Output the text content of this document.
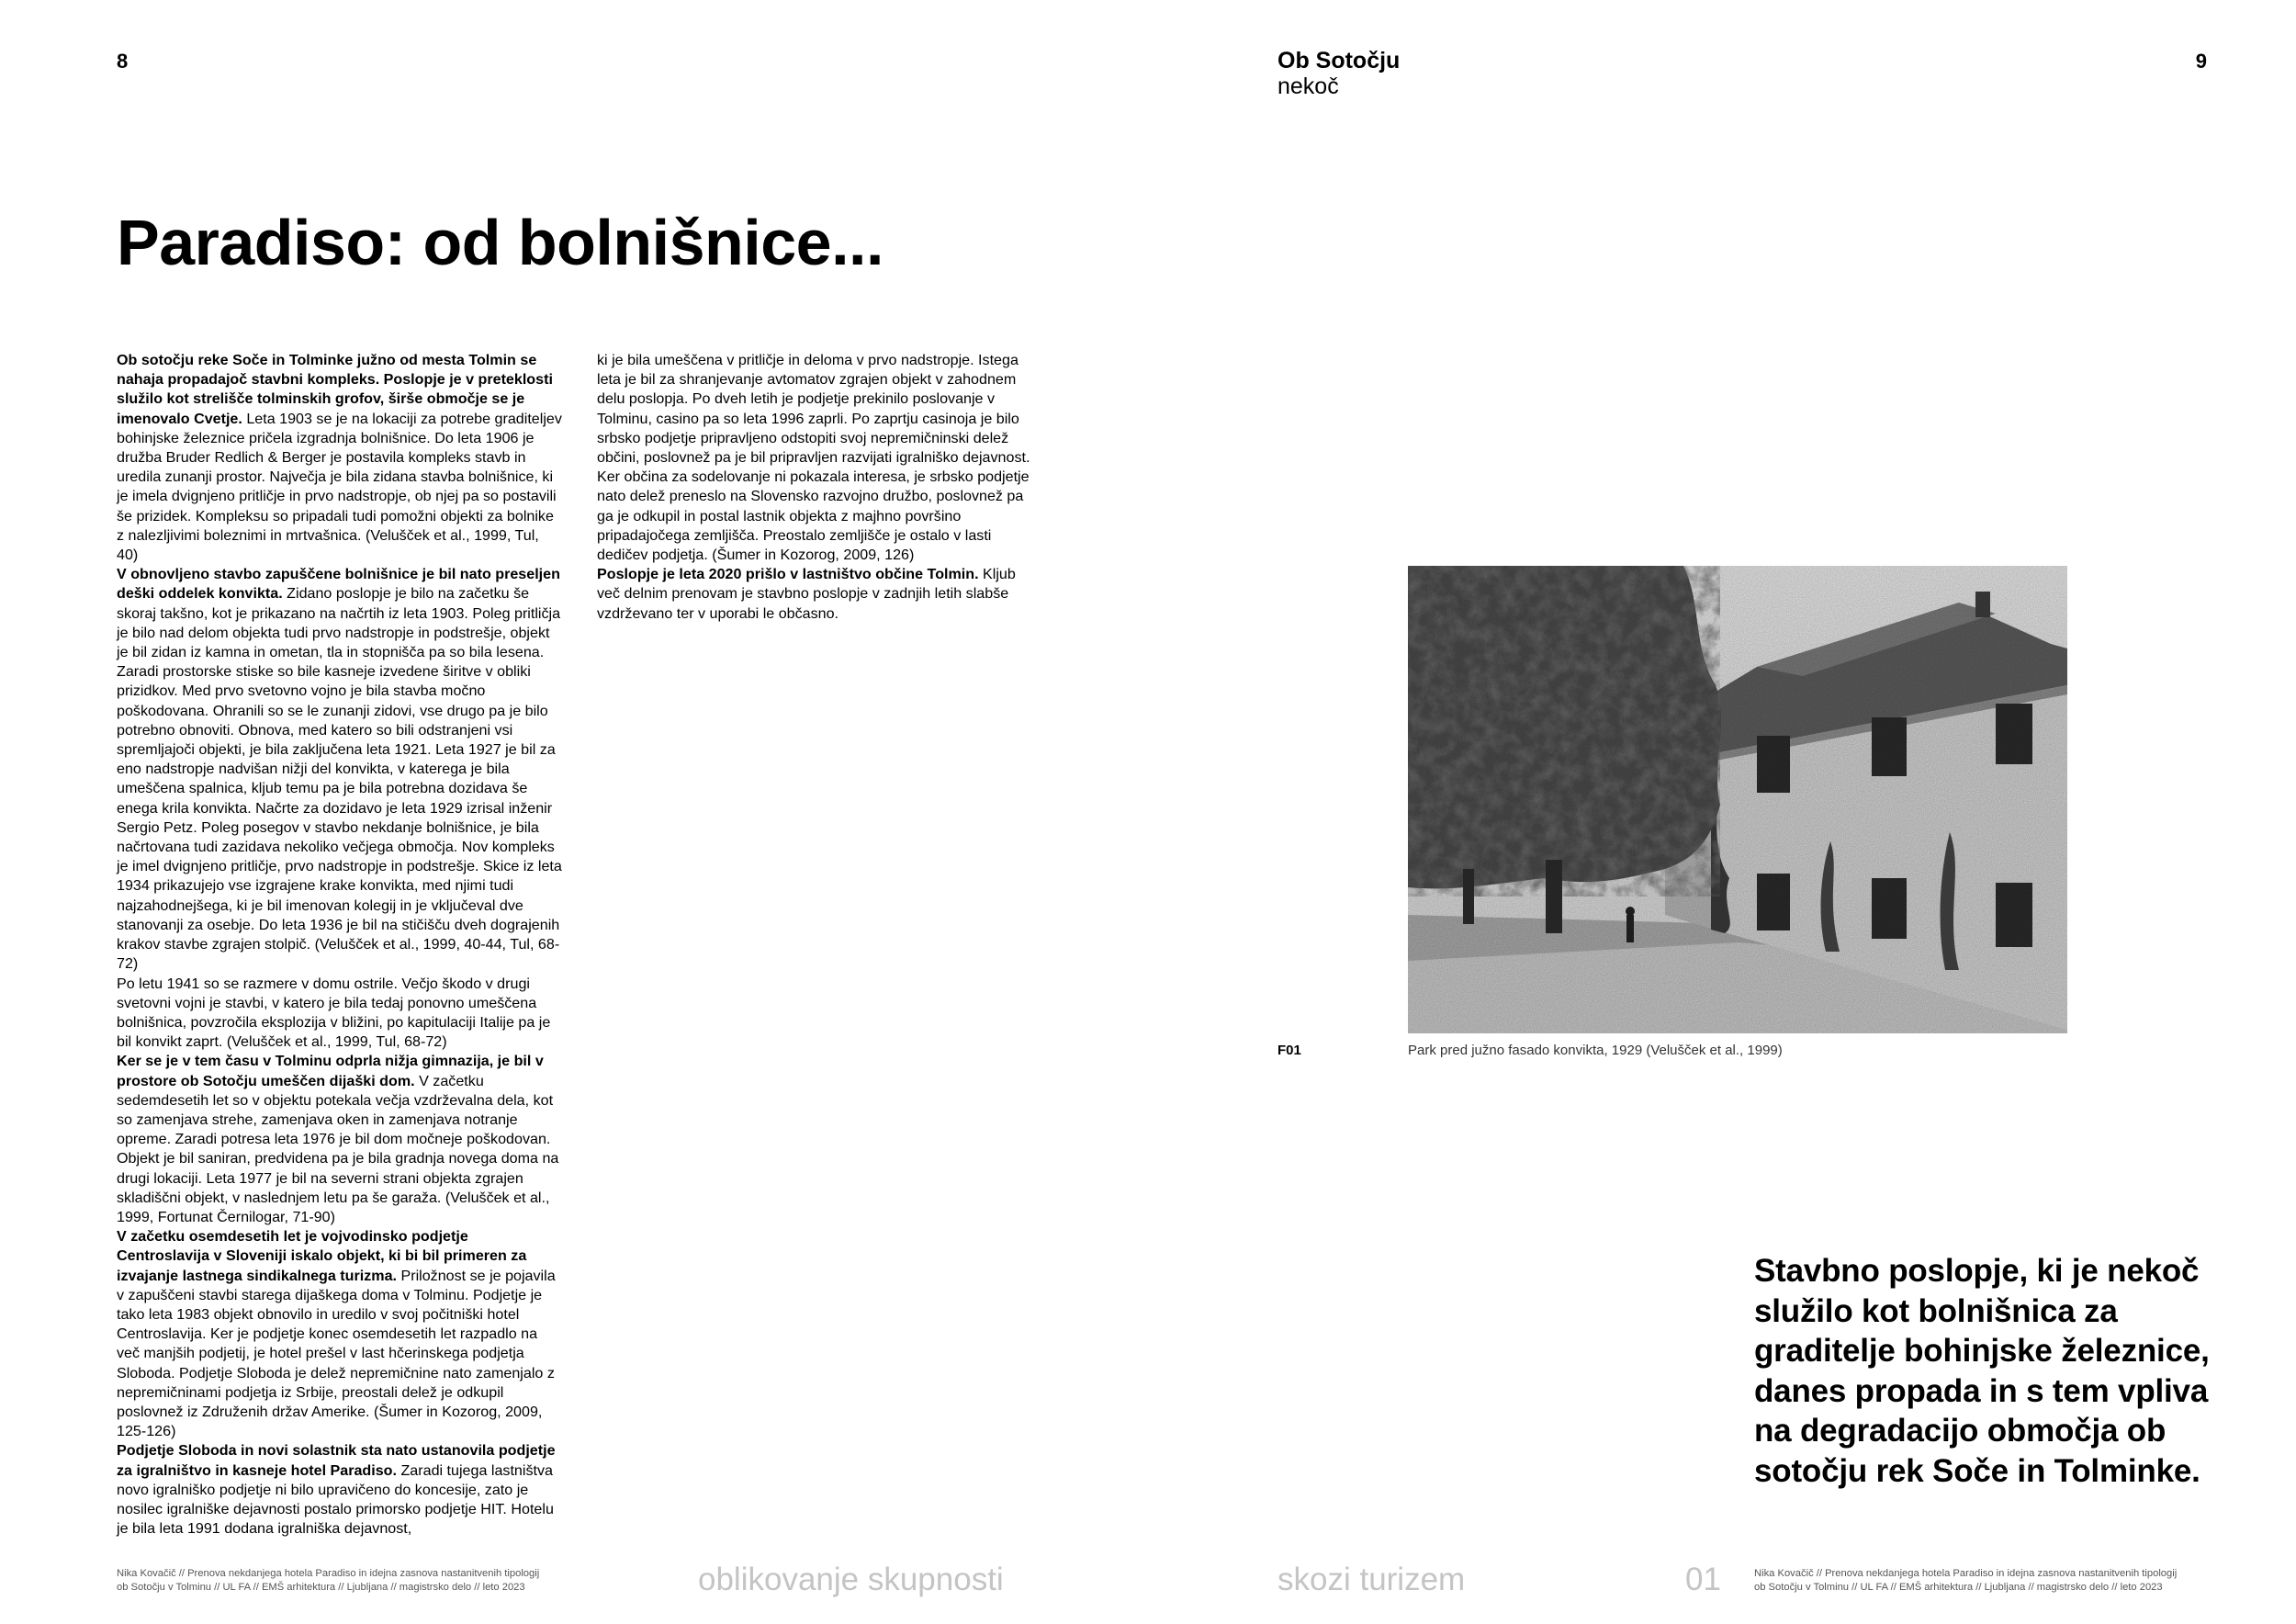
8	9
Ob Sotočju
nekoč
Paradiso: od bolnišnice...

Ob sotočju reke Soče in Tolminke južno od mesta Tolmin se nahaja propadajoč stavbni kompleks. Poslopje je v preteklosti služilo kot strelišče tolminskih grofov, širše območje se je imenovalo Cvetje. Leta 1903 se je na lokaciji za potrebe graditeljev bohinjske železnice pričela izgradnja bolnišnice. Do leta 1906 je družba Bruder Redlich & Berger je postavila kompleks stavb in uredila zunanji prostor. Največja je bila zidana stavba bolnišnice, ki je imela dvignjeno pritličje in prvo nadstropje, ob njej pa so postavili še prizidek. Kompleksu so pripadali tudi pomožni objekti za bolnike z nalezljivimi boleznimi in mrtvašnica. (Velušček et al., 1999, Tul, 40)

V obnovljeno stavbo zapuščene bolnišnice je bil nato preseljen deški oddelek konvikta. Zidano poslopje je bilo na začetku še skoraj takšno, kot je prikazano na načrtih iz leta 1903. Poleg pritličja je bilo nad delom objekta tudi prvo nadstropje in podstrešje, objekt je bil zidan iz kamna in ometan, tla in stopnišča pa so bila lesena. Zaradi prostorske stiske so bile kasneje izvedene širitve v obliki prizidkov. Med prvo svetovno vojno je bila stavba močno poškodovana. Ohranili so se le zunanji zidovi, vse drugo pa je bilo potrebno obnoviti. Obnova, med katero so bili odstranjeni vsi spremljajoči objekti, je bila zaključena leta 1921. Leta 1927 je bil za eno nadstropje nadvišan nižji del konvikta, v katerega je bila umeščena spalnica, kljub temu pa je bila potrebna dozidava še enega krila konvikta. Načrte za dozidavo je leta 1929 izrisal inženir Sergio Petz. Poleg posegov v stavbo nekdanje bolnišnice, je bila načrtovana tudi zazidava nekoliko večjega območja. Nov kompleks je imel dvignjeno pritličje, prvo nadstropje in podstrešje. Skice iz leta 1934 prikazujejo vse izgrajene krake konvikta, med njimi tudi najzahodnejšega, ki je bil imenovan kolegij in je vključeval dve stanovanji za osebje. Do leta 1936 je bil na stičišču dveh dograjenih krakov stavbe zgrajen stolpič. (Velušček et al., 1999, 40-44, Tul, 68-72)

Po letu 1941 so se razmere v domu ostrile. Večjo škodo v drugi svetovni vojni je stavbi, v katero je bila tedaj ponovno umeščena bolnišnica, povzročila eksplozija v bližini, po kapitulaciji Italije pa je bil konvikt zaprt. (Velušček et al., 1999, Tul, 68-72)

Ker se je v tem času v Tolminu odprla nižja gimnazija, je bil v prostore ob Sotočju umeščen dijaški dom. V začetku sedemdesetih let so v objektu potekala večja vzdrževalna dela, kot so zamenjava strehe, zamenjava oken in zamenjava notranje opreme. Zaradi potresa leta 1976 je bil dom močneje poškodovan. Objekt je bil saniran, predvidena pa je bila gradnja novega doma na drugi lokaciji. Leta 1977 je bil na severni strani objekta zgrajen skladiščni objekt, v naslednjem letu pa še garaža. (Velušček et al., 1999, Fortunat Černilogar, 71-90)

V začetku osemdesetih let je vojvodinsko podjetje Centroslavija v Sloveniji iskalo objekt, ki bi bil primeren za izvajanje lastnega sindikalnega turizma. Priložnost se je pojavila v zapuščeni stavbi starega dijaškega doma v Tolminu. Podjetje je tako leta 1983 objekt obnovilo in uredilo v svoj počitniški hotel Centroslavija. Ker je podjetje konec osemdesetih let razpadlo na več manjših podjetij, je hotel prešel v last hčerinskega podjetja Sloboda. Podjetje Sloboda je delež nepremičnine nato zamenjalo z nepremičninami podjetja iz Srbije, preostali delež je odkupil poslovnež iz Združenih držav Amerike. (Šumer in Kozorog, 2009, 125-126)

Podjetje Sloboda in novi solastnik sta nato ustanovila podjetje za igralništvo in kasneje hotel Paradiso. Zaradi tujega lastništva novo igralniško podjetje ni bilo upravičeno do koncesije, zato je nosilec igralniške dejavnosti postalo primorsko podjetje HIT. Hotelu je bila leta 1991 dodana igralniška dejavnost,

ki je bila umeščena v pritličje in deloma v prvo nadstropje. Istega leta je bil za shranjevanje avtomatov zgrajen objekt v zahodnem delu poslopja. Po dveh letih je podjetje prekinilo poslovanje v Tolminu, casino pa so leta 1996 zaprli. Po zaprtju casinoja je bilo srbsko podjetje pripravljeno odstopiti svoj nepremičninski delež občini, poslovnež pa je bil pripravljen razvijati igralniško dejavnost. Ker občina za sodelovanje ni pokazala interesa, je srbsko podjetje nato delež preneslo na Slovensko razvojno družbo, poslovnež pa ga je odkupil in postal lastnik objekta z majhno površino pripadajočega zemljišča. Preostalo zemljišče je ostalo v lasti dedičev podjetja. (Šumer in Kozorog, 2009, 126)

Poslopje je leta 2020 prišlo v lastništvo občine Tolmin. Kljub več delnim prenovam je stavbno poslopje v zadnjih letih slabše vzdrževano ter v uporabi le občasno.

F01	Park pred južno fasado konvikta, 1929 (Velušček et al., 1999)
Stavbno poslopje, ki je nekoč služilo kot bolnišnica za graditelje bohinjske železnice, danes propada in s tem vpliva na degradacijo območja ob sotočju rek Soče in Tolminke.
Nika Kovačič // Prenova nekdanjega hotela Paradiso in idejna zasnova nastanitvenih tipologij
ob Sotočju v Tolminu // UL FA // EMŠ arhitektura // Ljubljana // magistrsko delo // leto 2023	oblikovanje skupnosti	skozi turizem	01	Nika Kovačič // Prenova nekdanjega hotela Paradiso in idejna zasnova nastanitvenih tipologij
ob Sotočju v Tolminu // UL FA // EMŠ arhitektura // Ljubljana // magistrsko delo // leto 2023
